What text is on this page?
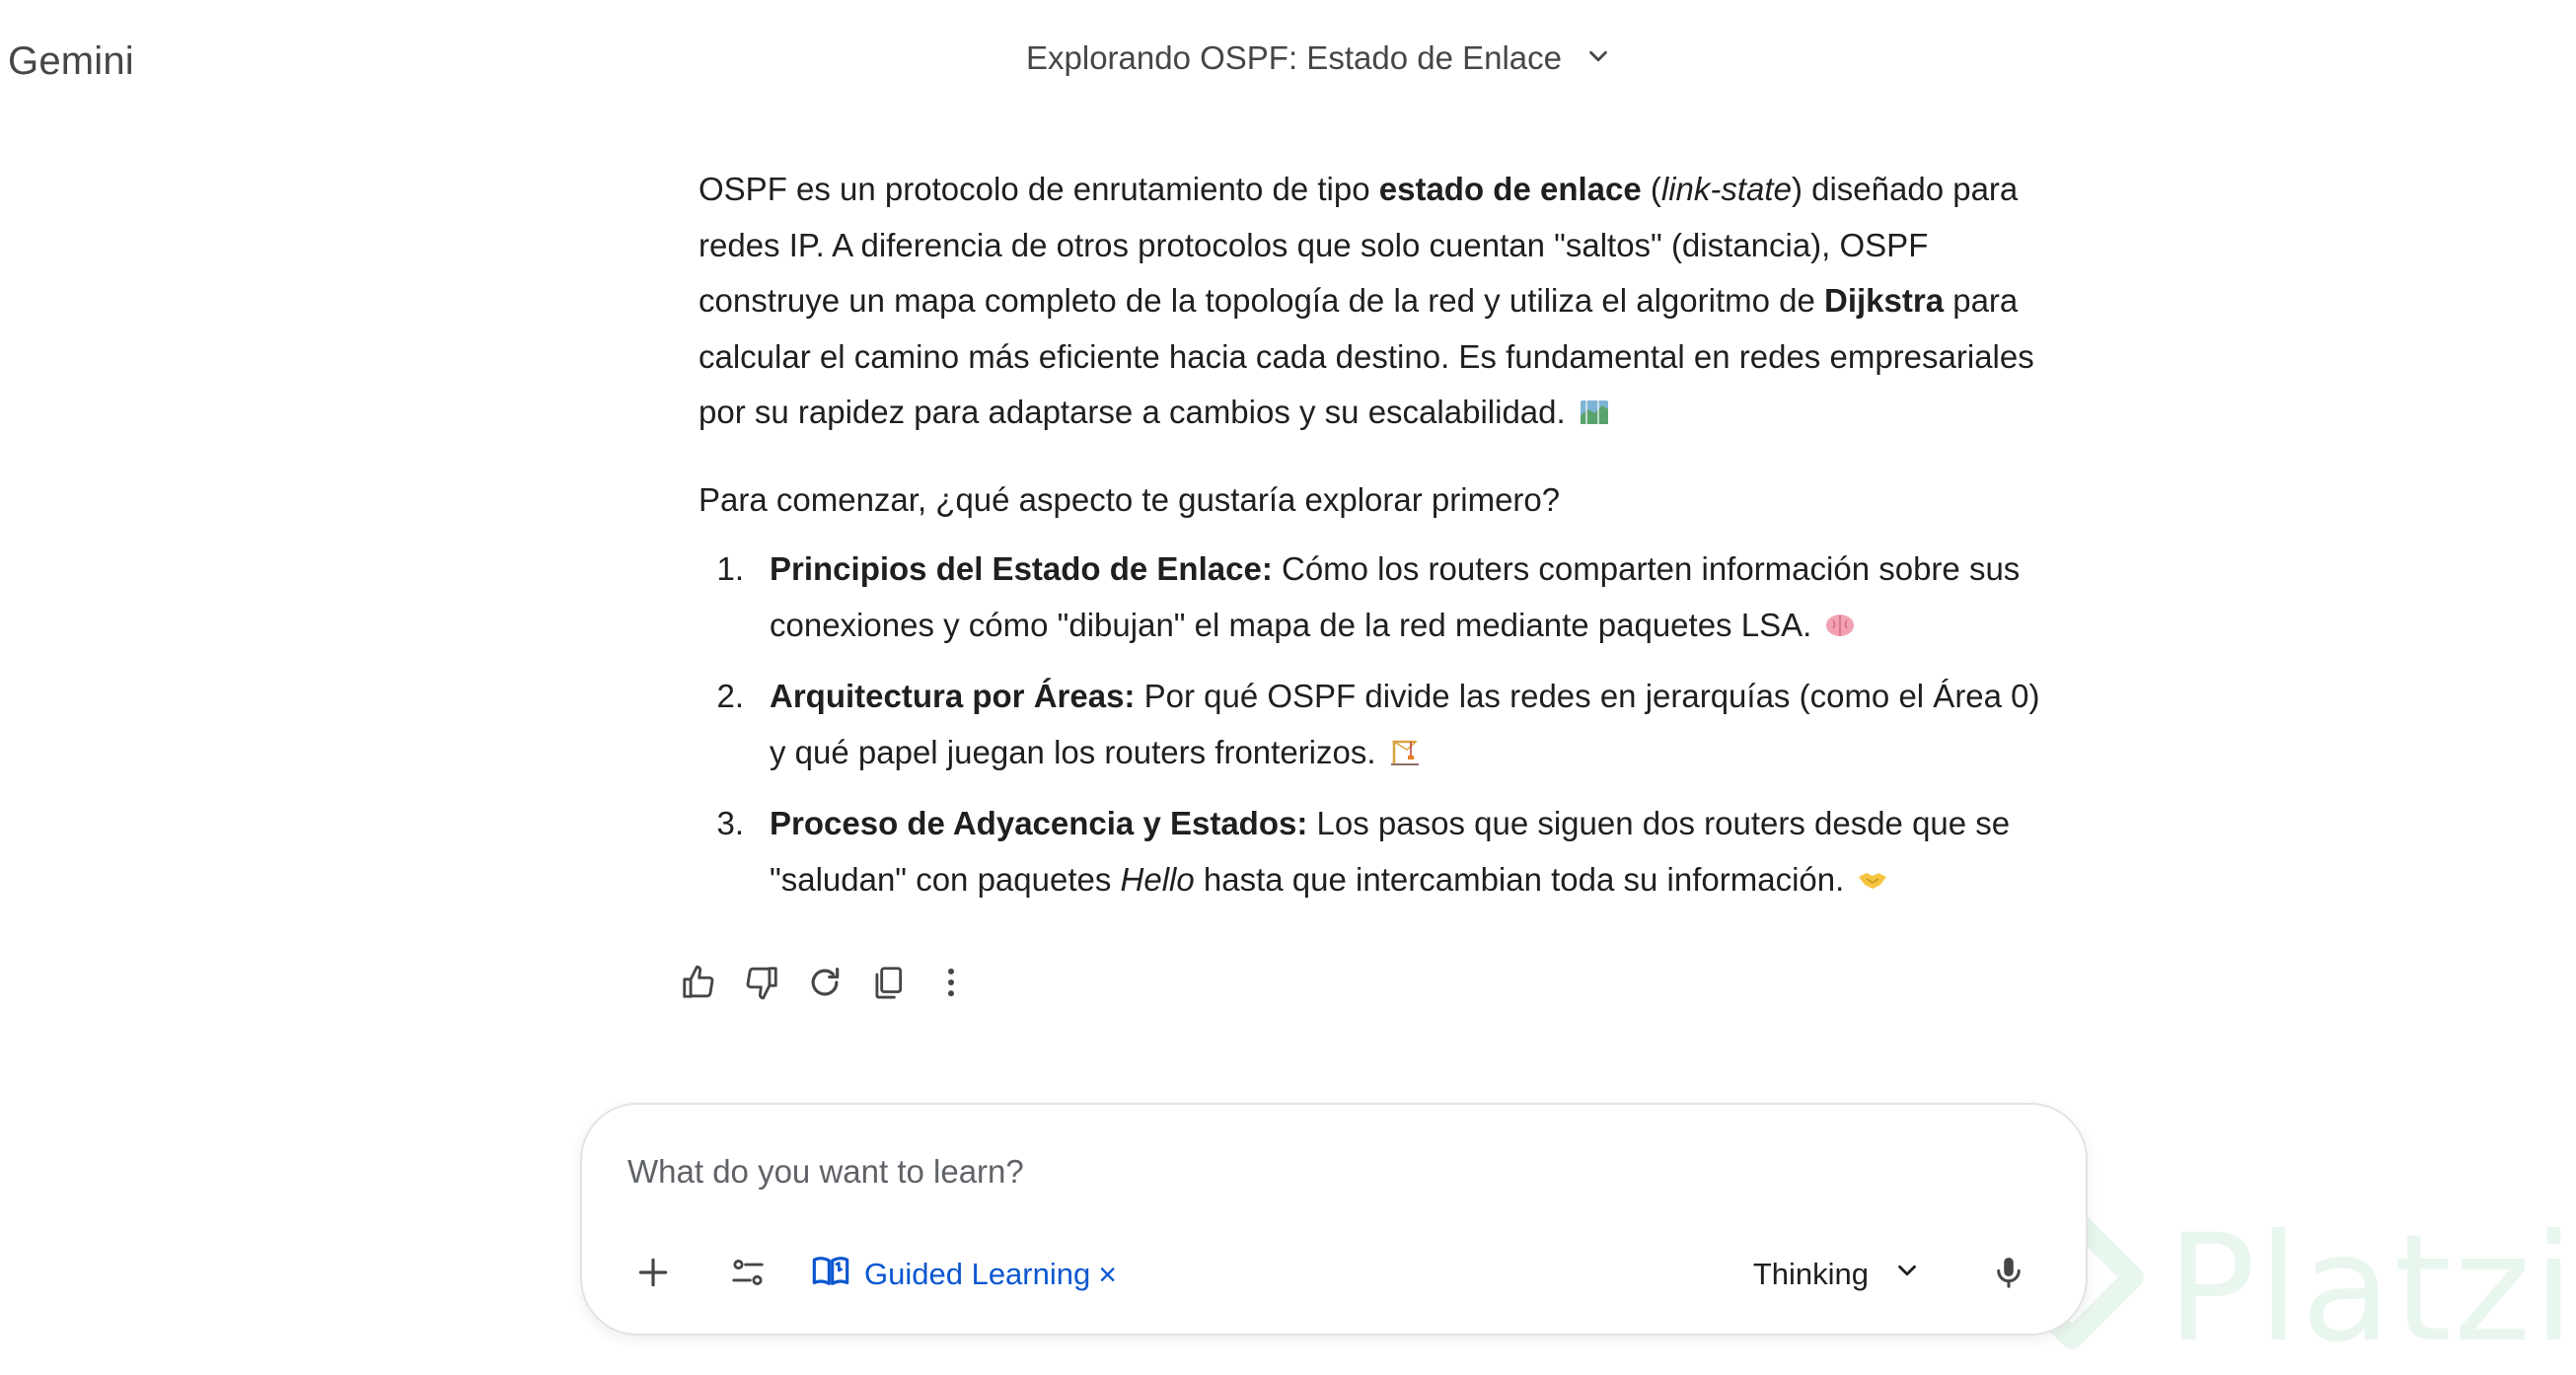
Gemini	Explorando OSPF: Estado de Enlace

OSPF es un protocolo de enrutamiento de tipo estado de enlace (link-state) diseñado para redes IP. A diferencia de otros protocolos que solo cuentan "saltos" (distancia), OSPF construye un mapa completo de la topología de la red y utiliza el algoritmo de Dijkstra para calcular el camino más eficiente hacia cada destino. Es fundamental en redes empresariales por su rapidez para adaptarse a cambios y su escalabilidad.

Para comenzar, ¿qué aspecto te gustaría explorar primero?

1. Principios del Estado de Enlace: Cómo los routers comparten información sobre sus conexiones y cómo "dibujan" el mapa de la red mediante paquetes LSA.
2. Arquitectura por Áreas: Por qué OSPF divide las redes en jerarquías (como el Área 0) y qué papel juegan los routers fronterizos.
3. Proceso de Adyacencia y Estados: Los pasos que siguen dos routers desde que se "saludan" con paquetes Hello hasta que intercambian toda su información.
Platzi
What do you want to learn?
Guided Learning ×	Thinking
